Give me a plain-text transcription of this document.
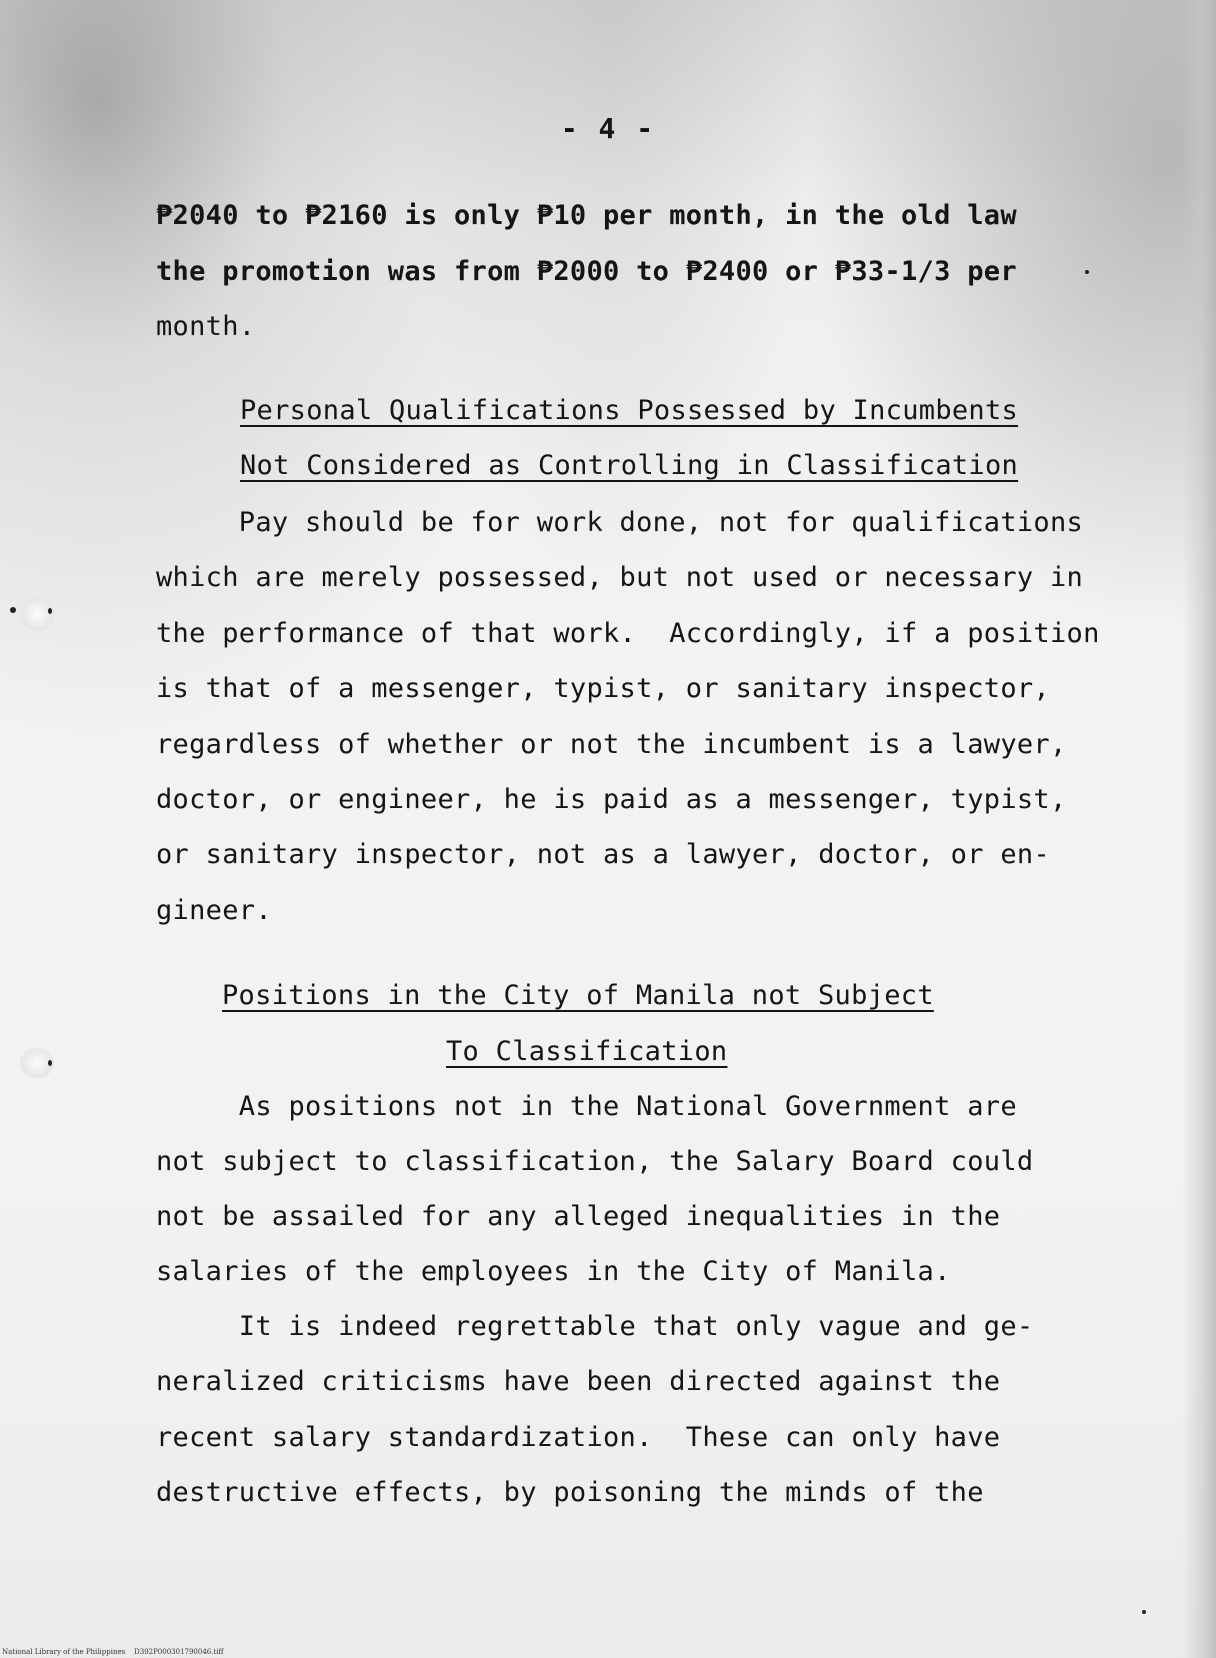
- 4 -
₱2040 to ₱2160 is only ₱10 per month, in the old law
the promotion was from ₱2000 to ₱2400 or ₱33-1/3 per
month.
Personal Qualifications Possessed by Incumbents
Not Considered as Controlling in Classification
Pay should be for work done, not for qualifications
which are merely possessed, but not used or necessary in
the performance of that work.  Accordingly, if a position
is that of a messenger, typist, or sanitary inspector,
regardless of whether or not the incumbent is a lawyer,
doctor, or engineer, he is paid as a messenger, typist,
or sanitary inspector, not as a lawyer, doctor, or en-
gineer.
Positions in the City of Manila not Subject
To Classification
As positions not in the National Government are
not subject to classification, the Salary Board could
not be assailed for any alleged inequalities in the
salaries of the employees in the City of Manila.
It is indeed regrettable that only vague and ge-
neralized criticisms have been directed against the
recent salary standardization.  These can only have
destructive effects, by poisoning the minds of the
National Library of the Philippines    D392P000301790046.tiff
